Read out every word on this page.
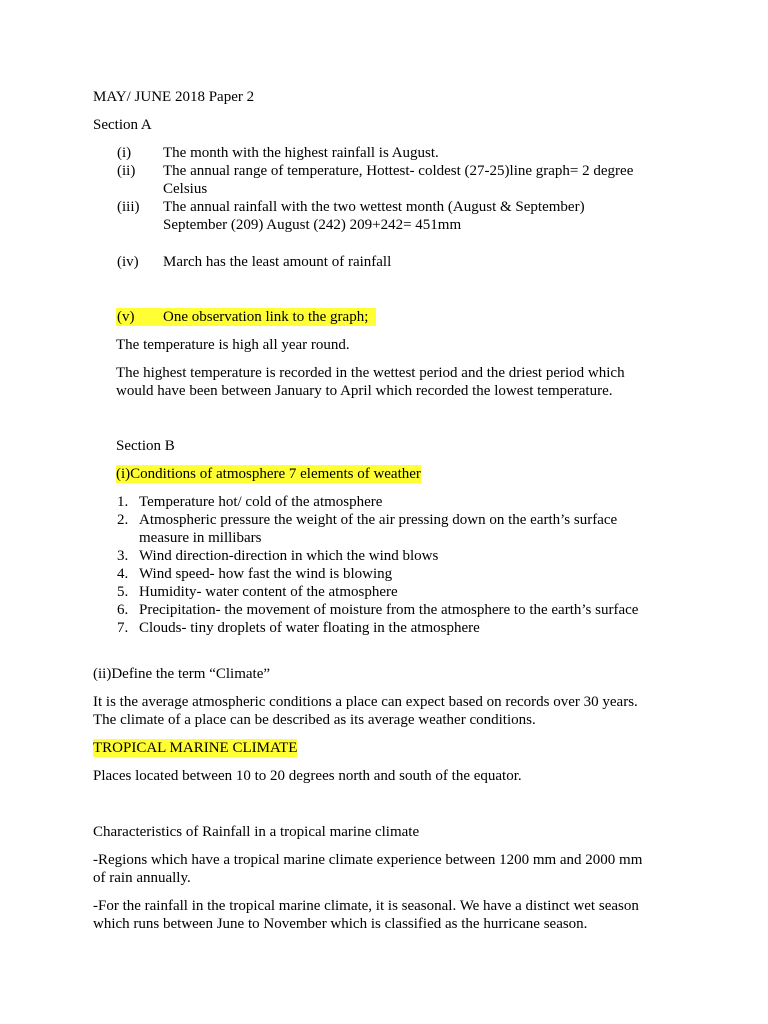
MAY/ JUNE 2018 Paper 2
Section A
(i) The month with the highest rainfall is August.
(ii) The annual range of temperature, Hottest- coldest (27-25)line graph= 2 degree
Celsius
(iii) The annual rainfall with the two wettest month (August & September)
September (209) August (242) 209+242= 451mm
(iv) March has the least amount of rainfall
(v) One observation link to the graph;
The temperature is high all year round.
The highest temperature is recorded in the wettest period and the driest period which
would have been between January to April which recorded the lowest temperature.
Section B
(i)Conditions of atmosphere 7 elements of weather
1. Temperature hot/ cold of the atmosphere
2. Atmospheric pressure the weight of the air pressing down on the earth’s surface
measure in millibars
3. Wind direction-direction in which the wind blows
4. Wind speed- how fast the wind is blowing
5. Humidity- water content of the atmosphere
6. Precipitation- the movement of moisture from the atmosphere to the earth’s surface
7. Clouds- tiny droplets of water floating in the atmosphere
(ii)Define the term “Climate”
It is the average atmospheric conditions a place can expect based on records over 30 years.
The climate of a place can be described as its average weather conditions.
TROPICAL MARINE CLIMATE
Places located between 10 to 20 degrees north and south of the equator.
Characteristics of Rainfall in a tropical marine climate
-Regions which have a tropical marine climate experience between 1200 mm and 2000 mm
of rain annually.
-For the rainfall in the tropical marine climate, it is seasonal. We have a distinct wet season
which runs between June to November which is classified as the hurricane season.
